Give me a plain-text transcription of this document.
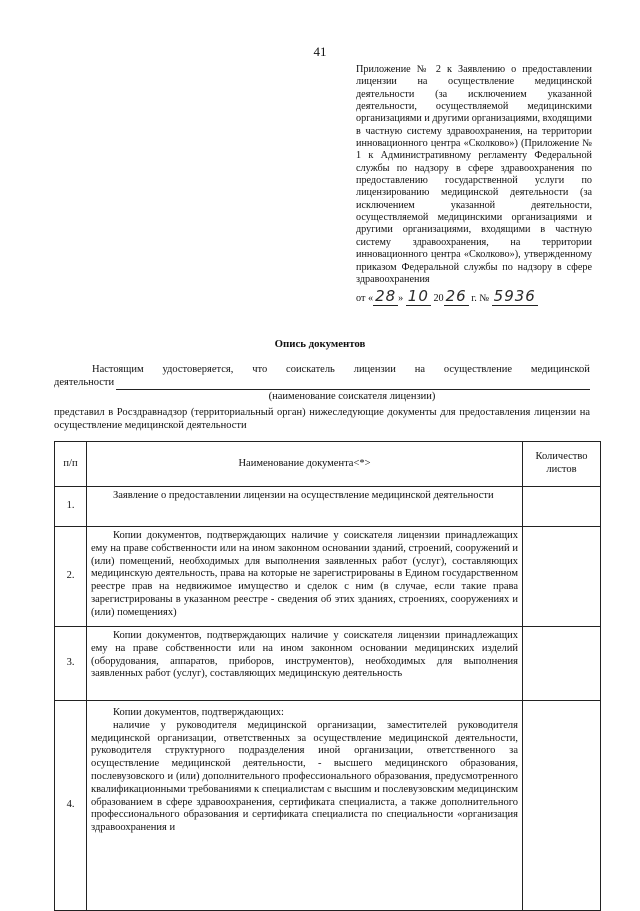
41
Приложение № 2 к Заявлению о предоставлении лицензии на осуществление медицинской деятельности (за исключением указанной деятельности, осуществляемой медицинскими организациями и другими организациями, входящими в частную систему здравоохранения, на территории инновационного центра «Сколково») (Приложение № 1 к Административному регламенту Федеральной службы по надзору в сфере здравоохранения по предоставлению государственной услуги по лицензированию медицинской деятельности (за исключением указанной деятельности, осуществляемой медицинскими организациями и другими организациями, входящими в частную систему здравоохранения, на территории инновационного центра «Сколково»), утвержденному приказом Федеральной службы по надзору в сфере здравоохранения
от « 28 » 10 20 26 г. № 5936
Опись документов
Настоящим удостоверяется, что соискатель лицензии на осуществление медицинской
деятельности
(наименование соискателя лицензии)
представил в Росздравнадзор (территориальный орган) нижеследующие документы для предоставления лицензии на осуществление медицинской деятельности
п/п	Наименование документа<*>	Количество листов
1.	Заявление о предоставлении лицензии на осуществление медицинской деятельности	

2.	Копии документов, подтверждающих наличие у соискателя лицензии принадлежащих ему на праве собственности или на ином законном основании зданий, строений, сооружений и (или) помещений, необходимых для выполнения заявленных работ (услуг), составляющих медицинскую деятельность, права на которые не зарегистрированы в Едином государственном реестре прав на недвижимое имущество и сделок с ним (в случае, если такие права зарегистрированы в указанном реестре - сведения об этих зданиях, строениях, сооружениях и (или) помещениях)	

3.	Копии документов, подтверждающих наличие у соискателя лицензии принадлежащих ему на праве собственности или на ином законном основании медицинских изделий (оборудования, аппаратов, приборов, инструментов), необходимых для выполнения заявленных работ (услуг), составляющих медицинскую деятельность	

4.	Копии документов, подтверждающих:
наличие у руководителя медицинской организации, заместителей руководителя медицинской организации, ответственных за осуществление медицинской деятельности, руководителя структурного подразделения иной организации, ответственного за осуществление медицинской деятельности, - высшего медицинского образования, послевузовского и (или) дополнительного профессионального образования, предусмотренного квалификационными требованиями к специалистам с высшим и послевузовским медицинским образованием в сфере здравоохранения, сертификата специалиста, а также дополнительного профессионального образования и сертификата специалиста по специальности «организация здравоохранения и	
